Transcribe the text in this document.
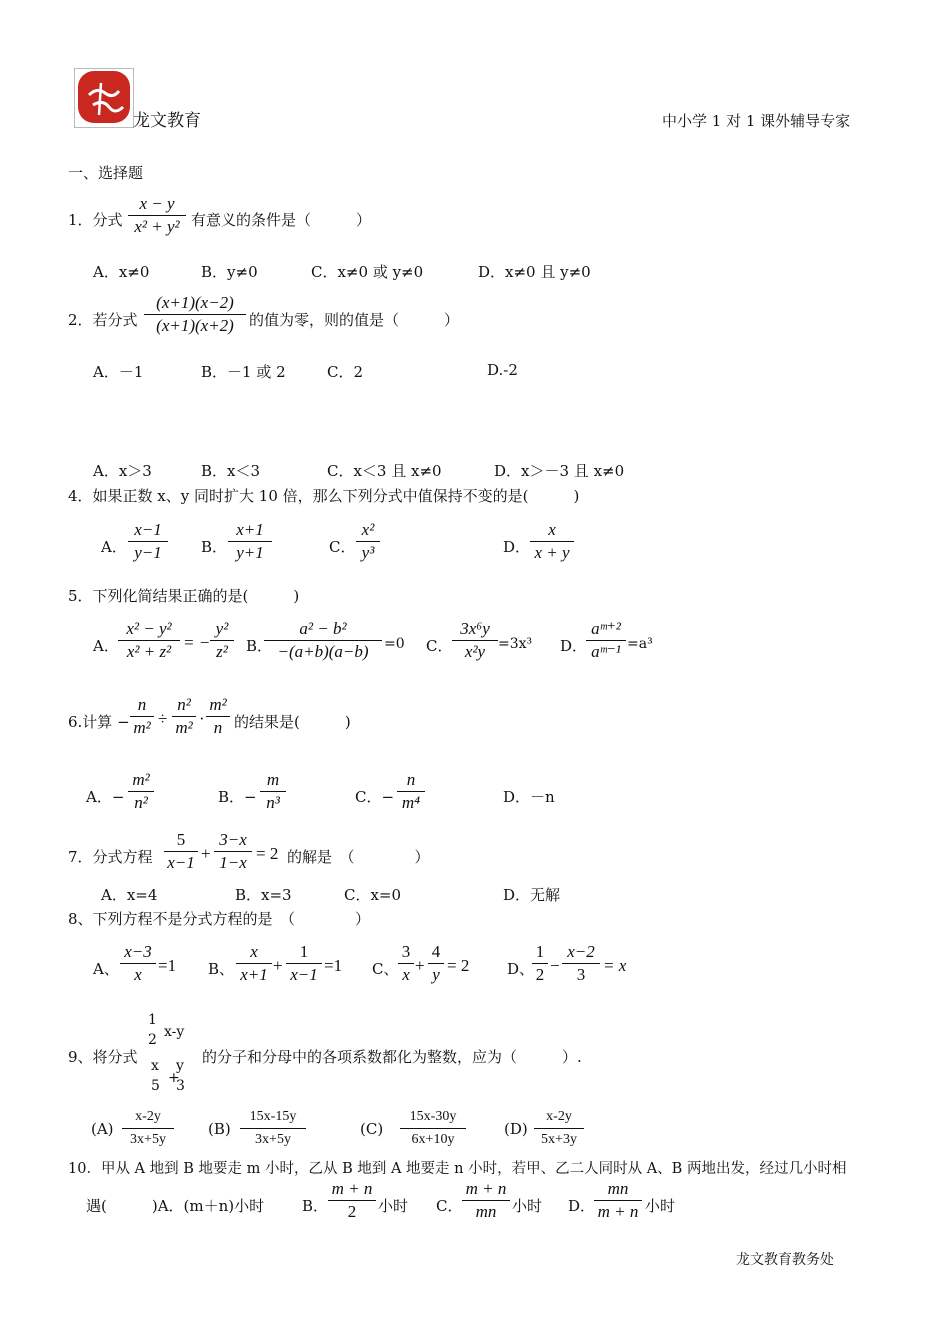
龙文教育	中小学 1 对 1 课外辅导专家
一、选择题
1．分式 $\frac{x - y}{\text{x² + y²}}$ 有意义的条件是（　　　）
A．x≠0	B．y≠0	C．x≠0 或 y≠0	D．x≠0 且 y≠0
2．若分式 $\frac{(x+1)(x-2)}{(x+1)(x+2)}$ 的值为零，则的值是（　　　）
A．－1	B．－1 或 2	C．2	D.-2
A．x＞3	B．x＜3	C．x＜3 且 x≠0	D．x＞－3 且 x≠0
4．如果正数 x、y 同时扩大 10 倍，那么下列分式中值保持不变的是(　　　)
A． $\frac{x-1}{y-1}$ B． $\frac{x+1}{y+1}$	C． $\frac{\text{x²}}{\text{y³}}$	D． $\frac{x}{x + y}$
5．下列化简结果正确的是(　　　)
A． $\frac{\text{x² − y²}}{\text{x² + z²}}$ = − $\frac{\text{y²}}{\text{z²}}$ B．
$\frac{\text{a² − b²}}{-(a+b)(a-b)} =0$ C． $\frac{\text{3x⁶y}}{\text{x²y}} =3x^3$ D．
$\frac{\text{aᵐ⁺²}}{\text{aᵐ⁻¹}} =a^3$
6.计算 − $\frac{n}{\text{m²}} \div \frac{\text{n²}}{\text{m²}} \cdot \frac{\text{m²}}{n}$ 的结果是(　　　)
A．− $\frac{\text{m²}}{\text{n²}}$	B．− $\frac{m}{\text{n³}}$	C．− $\frac{n}{\text{m⁴}}$	D．－n
7．分式方程 $\frac{5}{x-1} + \frac{3-x}{1-x} = 2$ 的解是　（　　　　）
A．x=4	B．x=3	C．x=0	D．无解
8、下列方程不是分式方程的是　（　　　　）
A、 $\frac{x-3}{x} =1$ B、 $\frac{x}{x+1} + \frac{1}{x-1} =1$ C、 $\frac{3}{x} + \frac{4}{y} = 2$	D、
$\frac{1}{2} - \frac{x-2}{3} = x$
9、将分式
1
2 x-y
x y
5 +
3
的分子和分母中的各项系数都化为整数，应为（　　　）.
$(A) \frac{x-2y}{3x+5y} (B) \frac{15x-15y}{3x+5y}$	$(C) \frac{15x-30y}{6x+10y}$	$(D) \frac{x-2y}{5x+3y}$
10．甲从 A 地到 B 地要走 m 小时，乙从 B 地到 A 地要走 n 小时，若甲、乙二人同时从 A、B 两地出发，经过几小时相
遇(　　　)A．(m＋n)小时	B． $\frac{m + n}{2}$ 小时 C． $\frac{m + n}{mn}$ 小时 D．
$\frac{mn}{m + n}$ 小时
龙文教育教务处
